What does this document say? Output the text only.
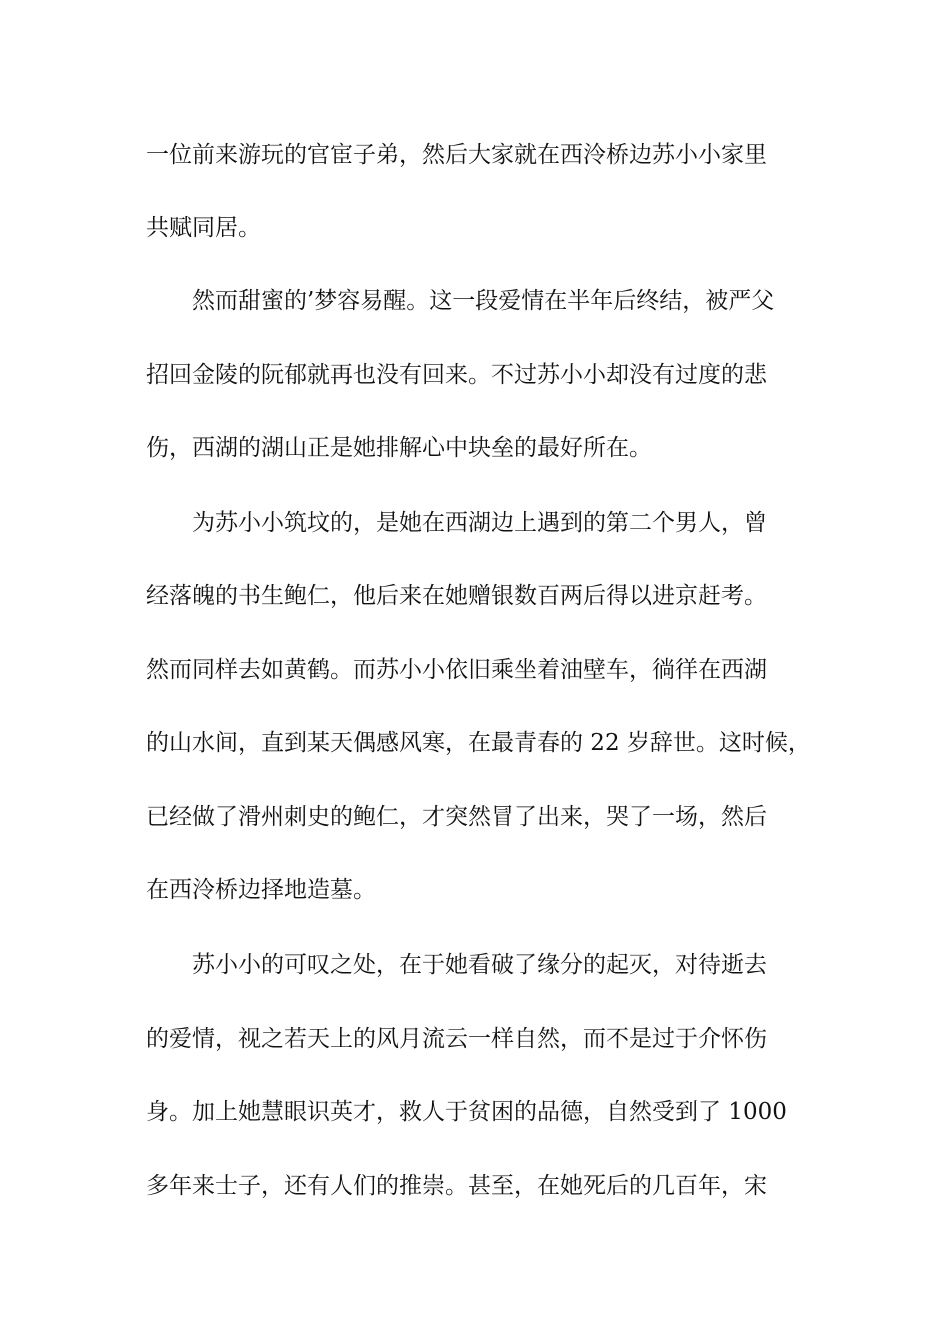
一位前来游玩的官宦子弟，然后大家就在西泠桥边苏小小家里

共赋同居。

然而甜蜜的’梦容易醒。这一段爱情在半年后终结，被严父

招回金陵的阮郁就再也没有回来。不过苏小小却没有过度的悲

伤，西湖的湖山正是她排解心中块垒的最好所在。

为苏小小筑坟的，是她在西湖边上遇到的第二个男人，曾

经落魄的书生鲍仁，他后来在她赠银数百两后得以进京赶考。

然而同样去如黄鹤。而苏小小依旧乘坐着油壁车，徜徉在西湖

的山水间，直到某天偶感风寒，在最青春的 22 岁辞世。这时候，

已经做了滑州刺史的鲍仁，才突然冒了出来，哭了一场，然后

在西泠桥边择地造墓。

苏小小的可叹之处，在于她看破了缘分的起灭，对待逝去

的爱情，视之若天上的风月流云一样自然，而不是过于介怀伤

身。加上她慧眼识英才，救人于贫困的品德，自然受到了 1000

多年来士子，还有人们的推崇。甚至，在她死后的几百年，宋
